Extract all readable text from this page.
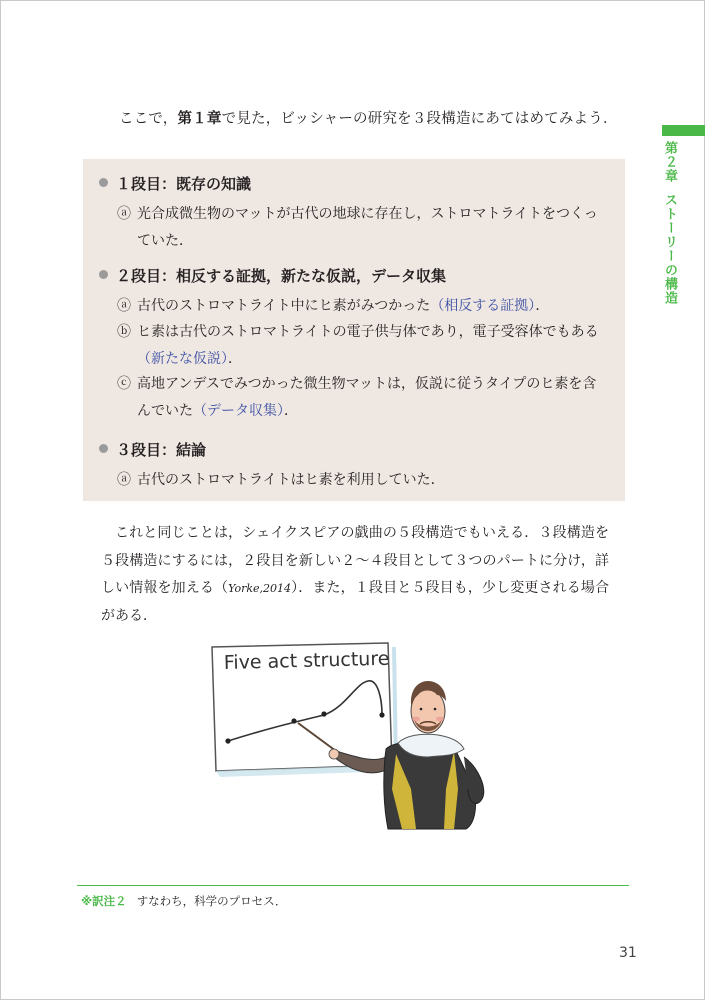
第２章ストーリーの構造
ここで，第１章で見た，ビッシャーの研究を３段構造にあてはめてみよう．
１段目：既存の知識
ⓐ 光合成微生物のマットが古代の地球に存在し，ストロマトライトをつくっていた．
２段目：相反する証拠，新たな仮説，データ収集
ⓐ 古代のストロマトライト中にヒ素がみつかった（相反する証拠）．
ⓑ ヒ素は古代のストロマトライトの電子供与体であり，電子受容体でもある（新たな仮説）．
ⓒ 高地アンデスでみつかった微生物マットは，仮説に従うタイプのヒ素を含んでいた（データ収集）．
３段目：結論
ⓐ 古代のストロマトライトはヒ素を利用していた．
これと同じことは，シェイクスピアの戯曲の５段構造でもいえる．３段構造を５段構造にするには，２段目を新しい２〜４段目として３つのパートに分け，詳しい情報を加える（Yorke,2014）．また，１段目と５段目も，少し変更される場合がある．
Five act structure
※訳注２ すなわち，科学のプロセス．
31
